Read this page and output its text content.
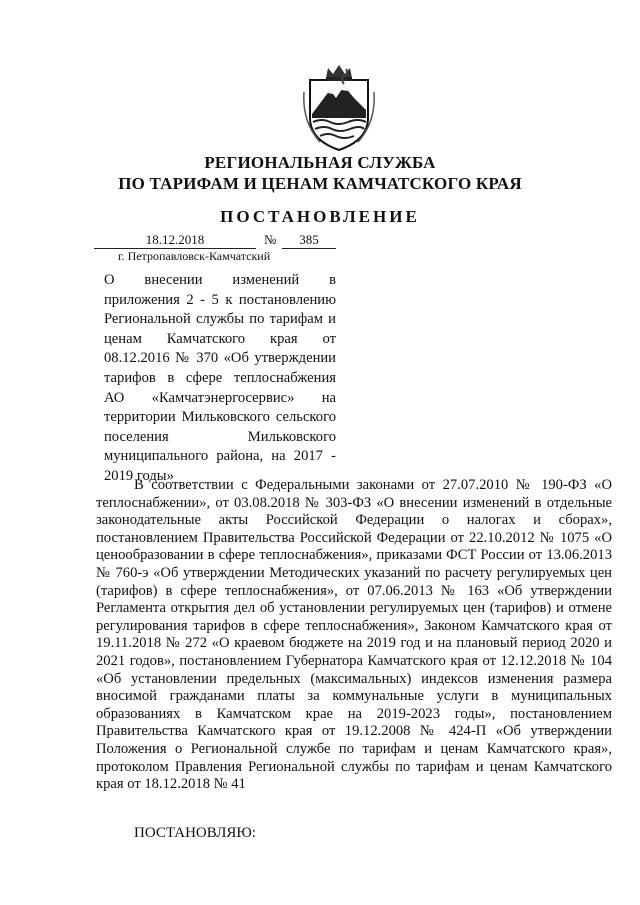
РЕГИОНАЛЬНАЯ СЛУЖБА
ПО ТАРИФАМ И ЦЕНАМ КАМЧАТСКОГО КРАЯ
ПОСТАНОВЛЕНИЕ
18.12.2018	№	385
г. Петропавловск-Камчатский
О внесении изменений в приложения 2 - 5 к постановлению Региональной службы по тарифам и ценам Камчатского края от 08.12.2016 № 370 «Об утверждении тарифов в сфере теплоснабжения АО «Камчатэнергосервис» на территории Мильковского сельского поселения Мильковского муниципального района, на 2017 - 2019 годы»
В соответствии с Федеральными законами от 27.07.2010 № 190-ФЗ «О теплоснабжении», от 03.08.2018 № 303-ФЗ «О внесении изменений в отдельные законодательные акты Российской Федерации о налогах и сборах», постановлением Правительства Российской Федерации от 22.10.2012 № 1075 «О ценообразовании в сфере теплоснабжения», приказами ФСТ России от 13.06.2013 № 760-э «Об утверждении Методических указаний по расчету регулируемых цен (тарифов) в сфере теплоснабжения», от 07.06.2013 № 163 «Об утверждении Регламента открытия дел об установлении регулируемых цен (тарифов) и отмене регулирования тарифов в сфере теплоснабжения», Законом Камчатского края от 19.11.2018 № 272 «О краевом бюджете на 2019 год и на плановый период 2020 и 2021 годов», постановлением Губернатора Камчатского края от 12.12.2018 № 104 «Об установлении предельных (максимальных) индексов изменения размера вносимой гражданами платы за коммунальные услуги в муниципальных образованиях в Камчатском крае на 2019-2023 годы», постановлением Правительства Камчатского края от 19.12.2008 № 424-П «Об утверждении Положения о Региональной службе по тарифам и ценам Камчатского края», протоколом Правления Региональной службы по тарифам и ценам Камчатского края от 18.12.2018 № 41
ПОСТАНОВЛЯЮ:
